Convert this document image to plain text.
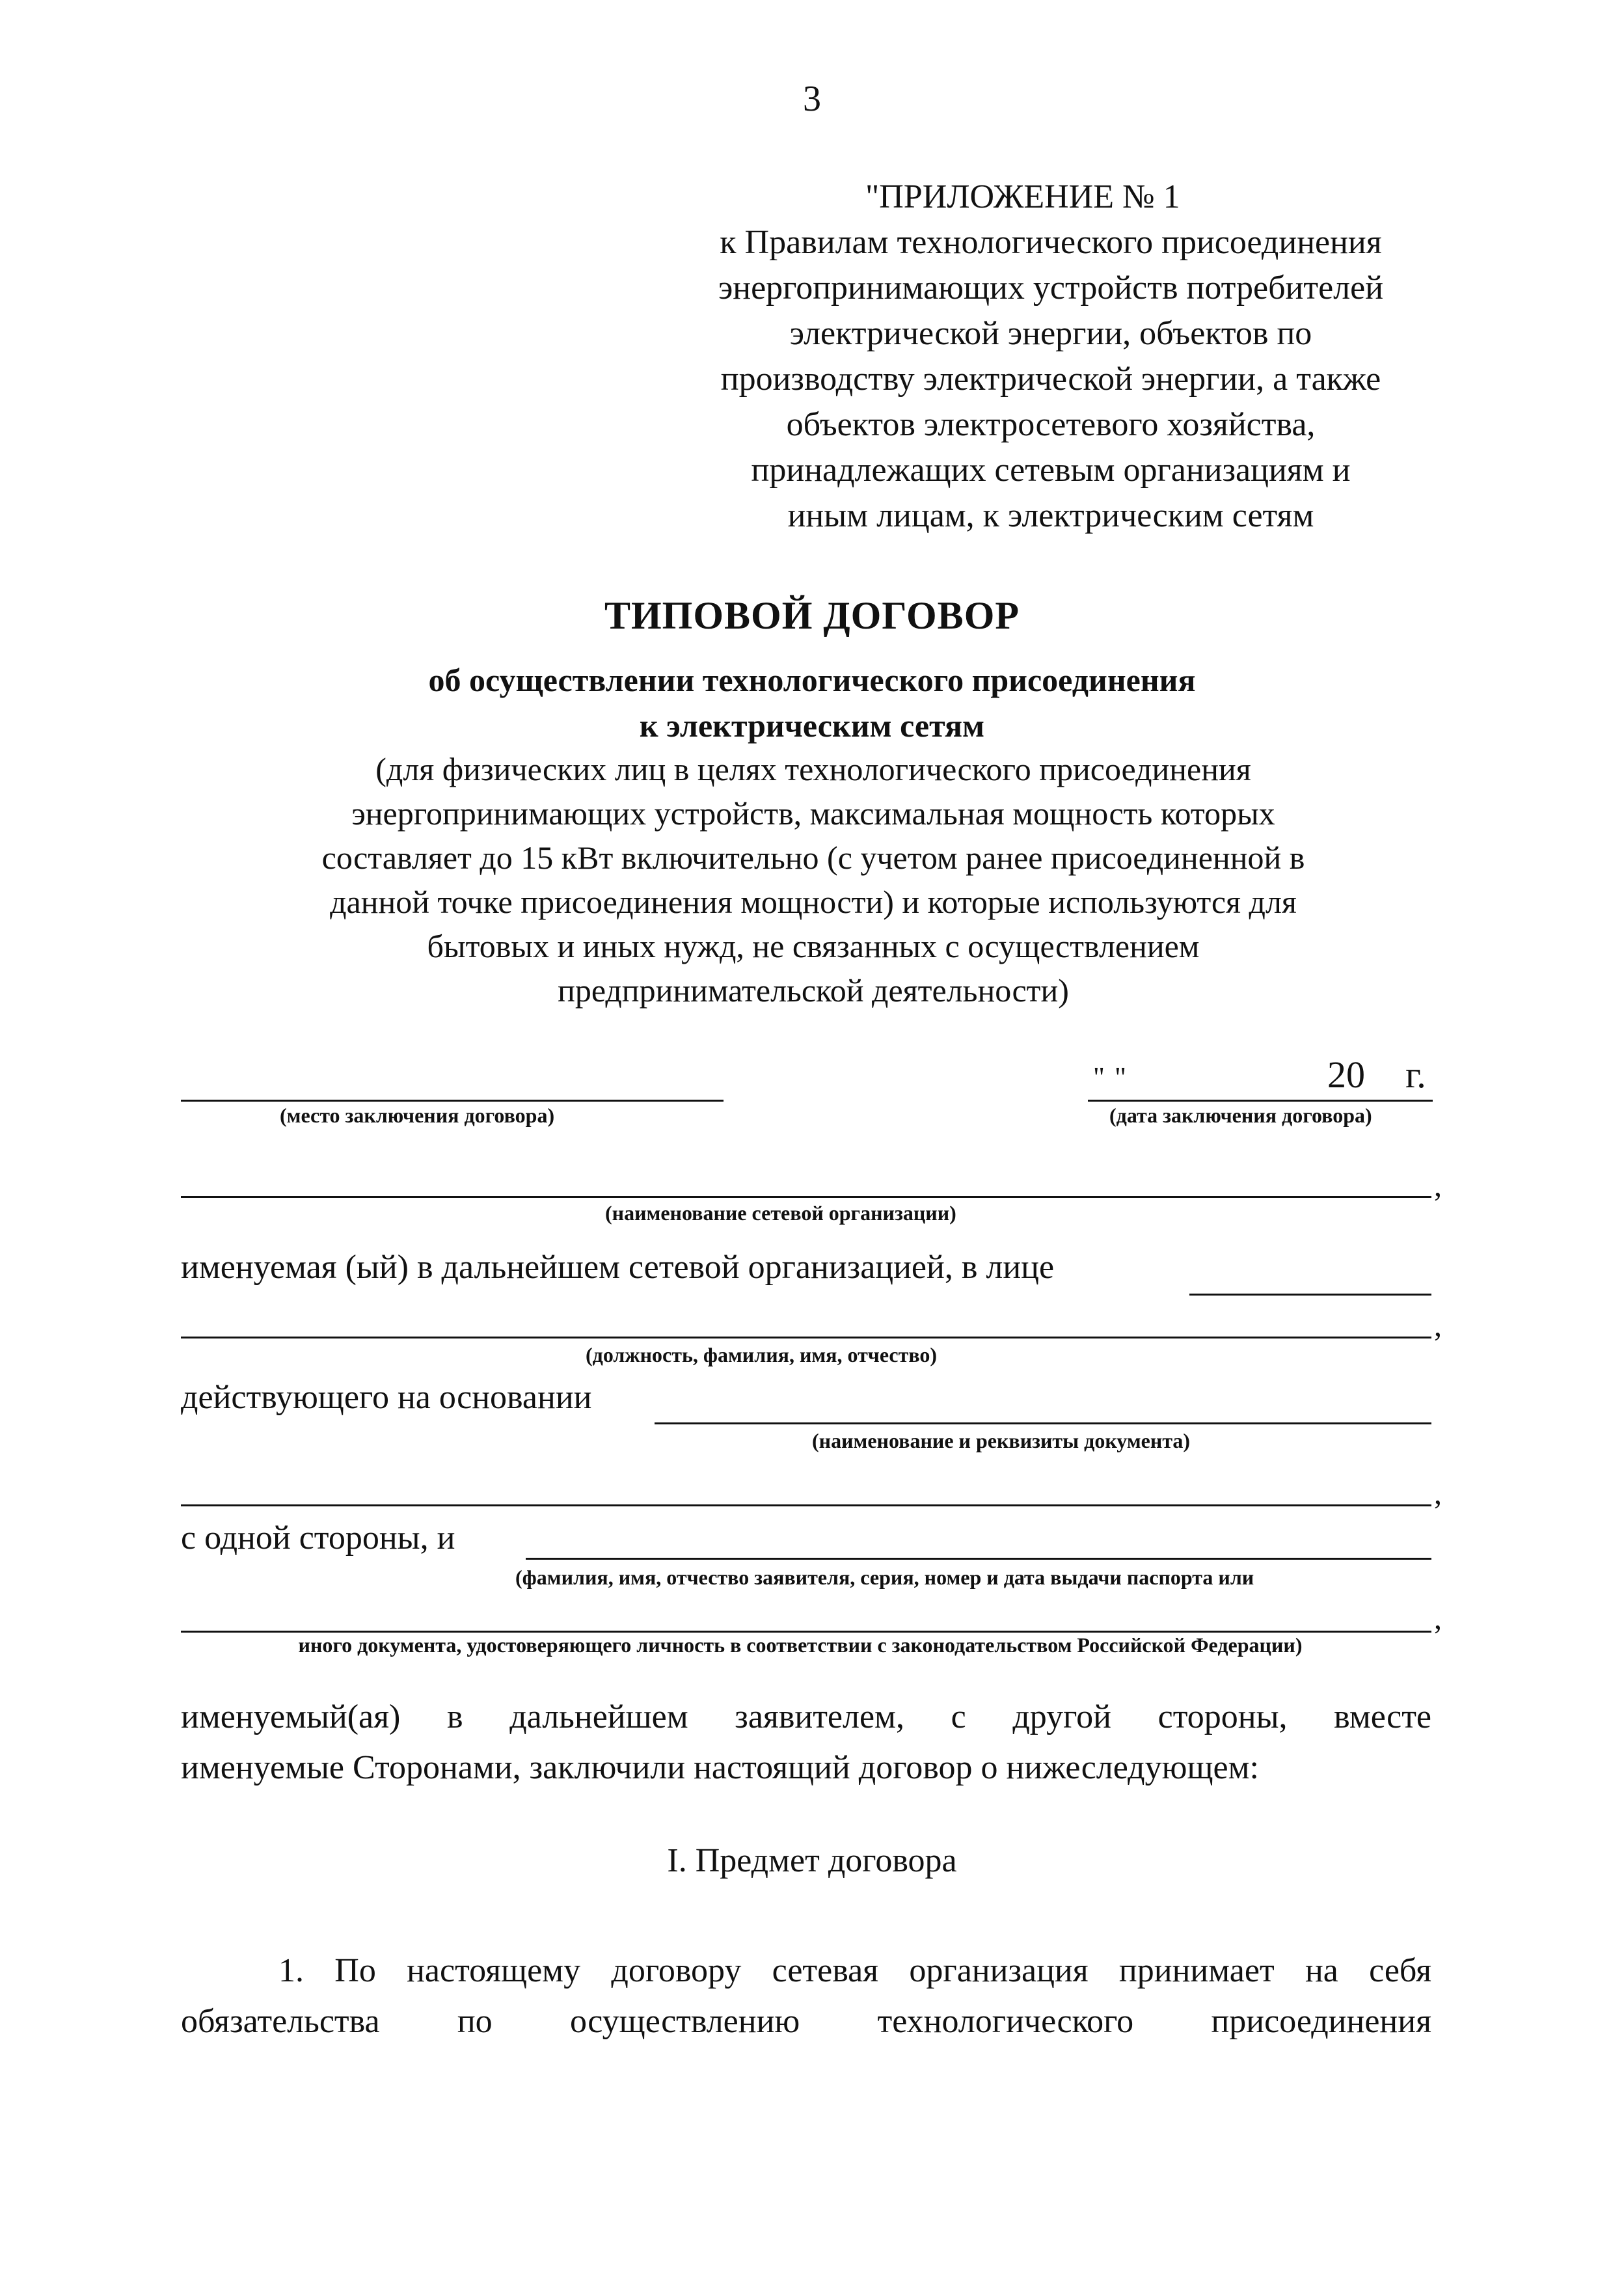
3
"ПРИЛОЖЕНИЕ № 1
к Правилам технологического присоединения
энергопринимающих устройств потребителей
электрической энергии, объектов по
производству электрической энергии, а также
объектов электросетевого хозяйства,
принадлежащих сетевым организациям и
иным лицам, к электрическим сетям
ТИПОВОЙ ДОГОВОР
об осуществлении технологического присоединения
к электрическим сетям
(для физических лиц в целях технологического присоединения
энергопринимающих устройств, максимальная мощность которых
составляет до 15 кВт включительно (с учетом ранее присоединенной в
данной точке присоединения мощности) и которые используются для
бытовых и иных нужд, не связанных с осуществлением
предпринимательской деятельности)
(место заключения договора)
" "	20 г.
(дата заключения договора)
,
(наименование сетевой организации)
именуемая (ый) в дальнейшем сетевой организацией, в лице
,
(должность, фамилия, имя, отчество)
действующего на основании
(наименование и реквизиты документа)
,
с одной стороны, и
(фамилия, имя, отчество заявителя, серия, номер и дата выдачи паспорта или
,
иного документа, удостоверяющего личность в соответствии с законодательством Российской Федерации)
именуемый(ая) в дальнейшем заявителем, с другой стороны, вместе
именуемые Сторонами, заключили настоящий договор о нижеследующем:
I. Предмет договора
1. По настоящему договору сетевая организация принимает на себя
обязательства по осуществлению технологического присоединения
